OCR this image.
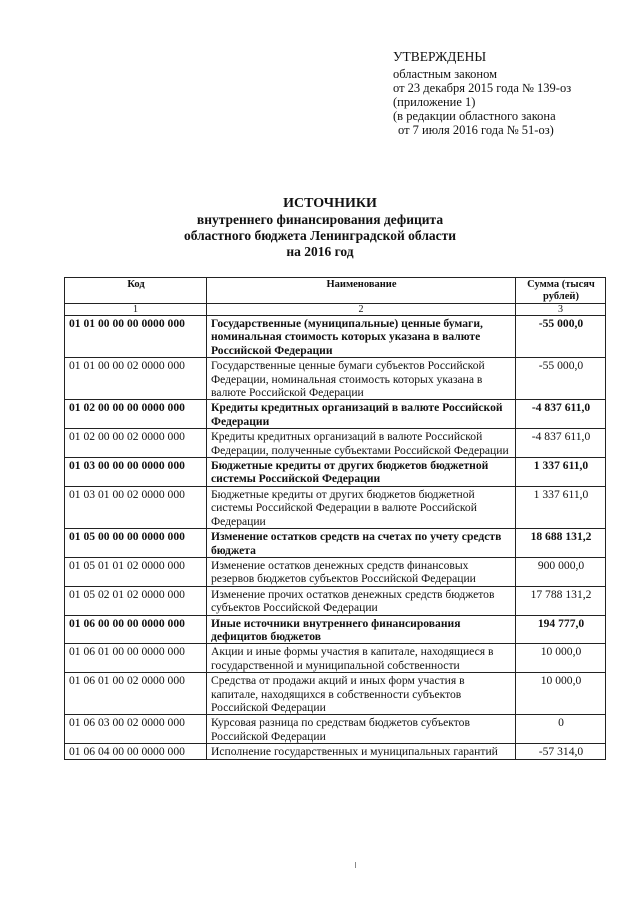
УТВЕРЖДЕНЫ
областным законом
от 23 декабря 2015 года № 139-оз
(приложение 1)
(в редакции областного закона
от 7 июля 2016 года № 51-оз)
ИСТОЧНИКИ
внутреннего финансирования дефицита
областного бюджета Ленинградской области
на 2016 год
Код	Наименование	Сумма (тысяч рублей)
1	2	3
01 01 00 00 00 0000 000	Государственные (муниципальные) ценные бумаги, номинальная стоимость которых указана в валюте Российской Федерации	-55 000,0
01 01 00 00 02 0000 000	Государственные ценные бумаги субъектов Российской Федерации, номинальная стоимость которых указана в валюте Российской Федерации	-55 000,0
01 02 00 00 00 0000 000	Кредиты кредитных организаций в валюте Российской Федерации	-4 837 611,0
01 02 00 00 02 0000 000	Кредиты кредитных организаций в валюте Российской Федерации, полученные субъектами Российской Федерации	-4 837 611,0
01 03 00 00 00 0000 000	Бюджетные кредиты от других бюджетов бюджетной системы Российской Федерации	1 337 611,0
01 03 01 00 02 0000 000	Бюджетные кредиты от других бюджетов бюджетной системы Российской Федерации в валюте Российской Федерации	1 337 611,0
01 05 00 00 00 0000 000	Изменение остатков средств на счетах по учету средств бюджета	18 688 131,2
01 05 01 01 02 0000 000	Изменение остатков денежных средств финансовых резервов бюджетов субъектов Российской Федерации	900 000,0
01 05 02 01 02 0000 000	Изменение прочих остатков денежных средств бюджетов субъектов Российской Федерации	17 788 131,2
01 06 00 00 00 0000 000	Иные источники внутреннего финансирования дефицитов бюджетов	194 777,0
01 06 01 00 00 0000 000	Акции и иные формы участия в капитале, находящиеся в государственной и муниципальной собственности	10 000,0
01 06 01 00 02 0000 000	Средства от продажи акций и иных форм участия в капитале, находящихся в собственности субъектов Российской Федерации	10 000,0
01 06 03 00 02 0000 000	Курсовая разница по средствам бюджетов субъектов Российской Федерации	0
01 06 04 00 00 0000 000	Исполнение государственных и муниципальных гарантий	-57 314,0
